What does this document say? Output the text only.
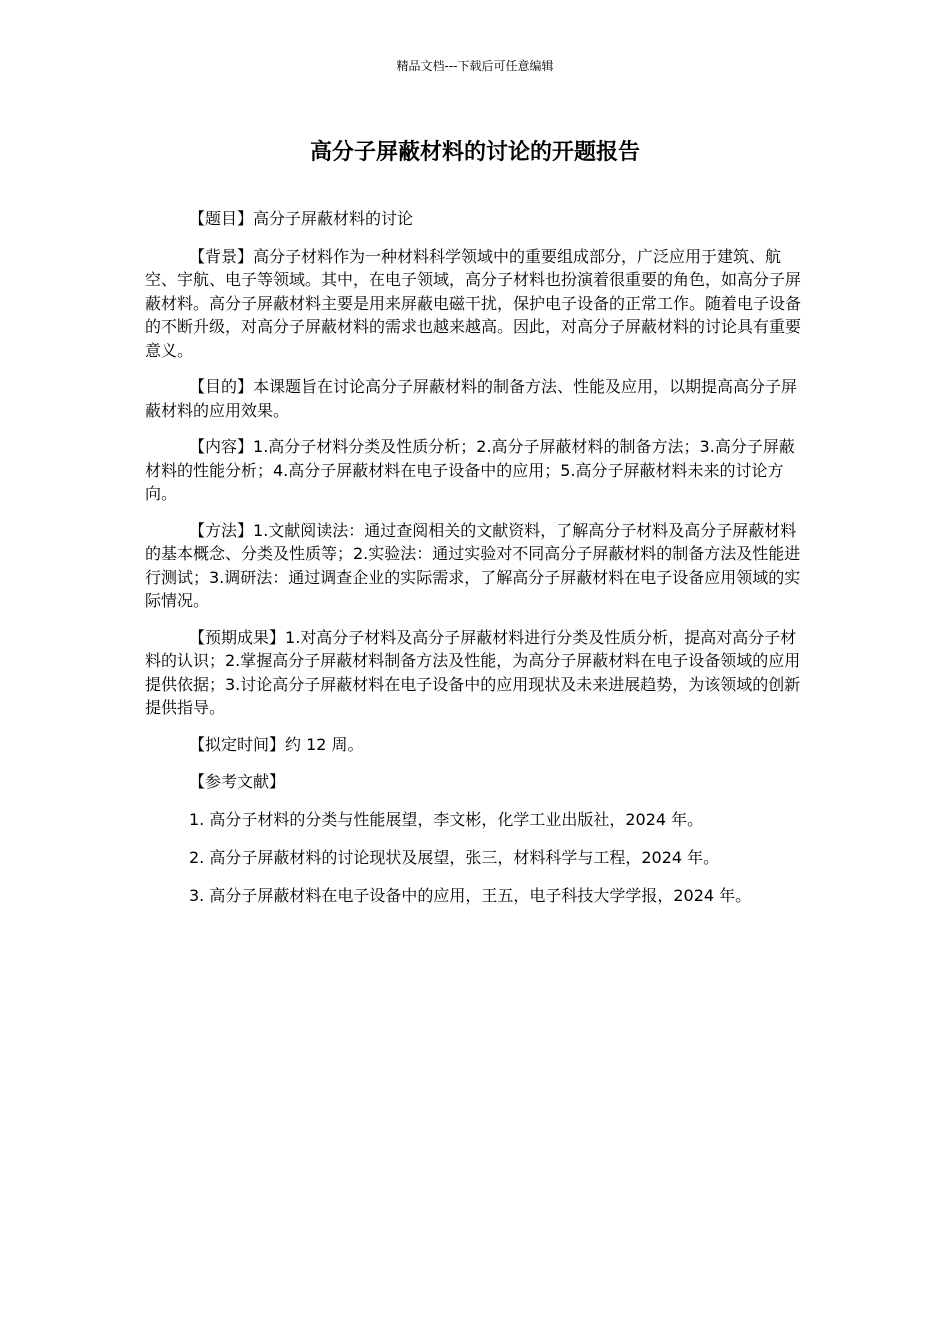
精品文档---下载后可任意编辑
高分子屏蔽材料的讨论的开题报告

【题目】高分子屏蔽材料的讨论

【背景】高分子材料作为一种材料科学领域中的重要组成部分，广泛应用于建筑、航空、宇航、电子等领域。其中，在电子领域，高分子材料也扮演着很重要的角色，如高分子屏蔽材料。高分子屏蔽材料主要是用来屏蔽电磁干扰，保护电子设备的正常工作。随着电子设备的不断升级，对高分子屏蔽材料的需求也越来越高。因此，对高分子屏蔽材料的讨论具有重要意义。

【目的】本课题旨在讨论高分子屏蔽材料的制备方法、性能及应用，以期提高高分子屏蔽材料的应用效果。

【内容】1.高分子材料分类及性质分析；2.高分子屏蔽材料的制备方法；3.高分子屏蔽材料的性能分析；4.高分子屏蔽材料在电子设备中的应用；5.高分子屏蔽材料未来的讨论方向。

【方法】1.文献阅读法：通过查阅相关的文献资料，了解高分子材料及高分子屏蔽材料的基本概念、分类及性质等；2.实验法：通过实验对不同高分子屏蔽材料的制备方法及性能进行测试；3.调研法：通过调查企业的实际需求，了解高分子屏蔽材料在电子设备应用领域的实际情况。

【预期成果】1.对高分子材料及高分子屏蔽材料进行分类及性质分析，提高对高分子材料的认识；2.掌握高分子屏蔽材料制备方法及性能，为高分子屏蔽材料在电子设备领域的应用提供依据；3.讨论高分子屏蔽材料在电子设备中的应用现状及未来进展趋势，为该领域的创新提供指导。

【拟定时间】约 12 周。

【参考文献】

1. 高分子材料的分类与性能展望，李文彬，化学工业出版社，2024 年。
2. 高分子屏蔽材料的讨论现状及展望，张三，材料科学与工程，2024 年。
3. 高分子屏蔽材料在电子设备中的应用，王五，电子科技大学学报，2024 年。
